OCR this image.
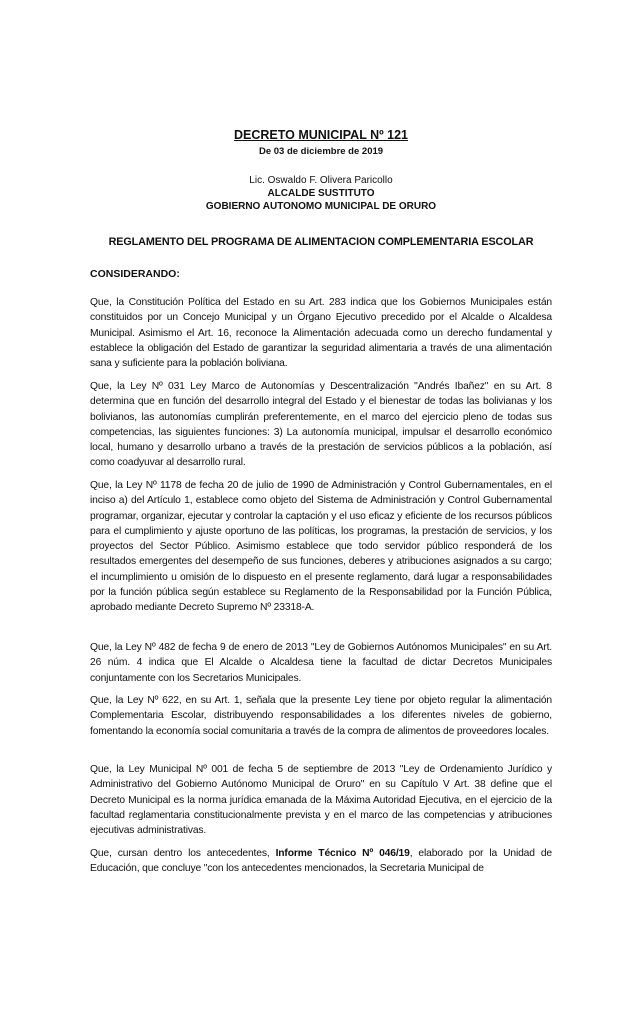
DECRETO MUNICIPAL Nº 121
De 03 de diciembre de 2019
Lic. Oswaldo F. Olivera Paricollo
ALCALDE SUSTITUTO
GOBIERNO AUTONOMO MUNICIPAL DE ORURO
REGLAMENTO DEL PROGRAMA DE ALIMENTACION COMPLEMENTARIA ESCOLAR
CONSIDERANDO:

Que, la Constitución Política del Estado en su Art. 283 indica que los Gobiernos Municipales están constituidos por un Concejo Municipal y un Órgano Ejecutivo precedido por el Alcalde o Alcaldesa Municipal. Asimismo el Art. 16, reconoce la Alimentación adecuada como un derecho fundamental y establece la obligación del Estado de garantizar la seguridad alimentaria a través de una alimentación sana y suficiente para la población boliviana.

Que, la Ley Nº 031 Ley Marco de Autonomías y Descentralización "Andrés Ibañez" en su Art. 8 determina que en función del desarrollo integral del Estado y el bienestar de todas las bolivianas y los bolivianos, las autonomías cumplirán preferentemente, en el marco del ejercicio pleno de todas sus competencias, las siguientes funciones: 3) La autonomía municipal, impulsar el desarrollo económico local, humano y desarrollo urbano a través de la prestación de servicios públicos a la población, así como coadyuvar al desarrollo rural.

Que, la Ley Nº 1178 de fecha 20 de julio de 1990 de Administración y Control Gubernamentales, en el inciso a) del Artículo 1, establece como objeto del Sistema de Administración y Control Gubernamental programar, organizar, ejecutar y controlar la captación y el uso eficaz y eficiente de los recursos públicos para el cumplimiento y ajuste oportuno de las políticas, los programas, la prestación de servicios, y los proyectos del Sector Público. Asimismo establece que todo servidor público responderá de los resultados emergentes del desempeño de sus funciones, deberes y atribuciones asignados a su cargo; el incumplimiento u omisión de lo dispuesto en el presente reglamento, dará lugar a responsabilidades por la función pública según establece su Reglamento de la Responsabilidad por la Función Pública, aprobado mediante Decreto Supremo Nº 23318-A.

Que, la Ley Nº 482 de fecha 9 de enero de 2013 "Ley de Gobiernos Autónomos Municipales" en su Art. 26 núm. 4 indica que El Alcalde o Alcaldesa tiene la facultad de dictar Decretos Municipales conjuntamente con los Secretarios Municipales.

Que, la Ley Nº 622, en su Art. 1, señala que la presente Ley tiene por objeto regular la alimentación Complementaria Escolar, distribuyendo responsabilidades a los diferentes niveles de gobierno, fomentando la economía social comunitaria a través de la compra de alimentos de proveedores locales.

Que, la Ley Municipal Nº 001 de fecha 5 de septiembre de 2013 "Ley de Ordenamiento Jurídico y Administrativo del Gobierno Autónomo Municipal de Oruro" en su Capítulo V Art. 38 define que el Decreto Municipal es la norma jurídica emanada de la Máxima Autoridad Ejecutiva, en el ejercicio de la facultad reglamentaria constitucionalmente prevista y en el marco de las competencias y atribuciones ejecutivas administrativas.

Que, cursan dentro los antecedentes, Informe Técnico Nº 046/19, elaborado por la Unidad de Educación, que concluye "con los antecedentes mencionados, la Secretaria Municipal de
